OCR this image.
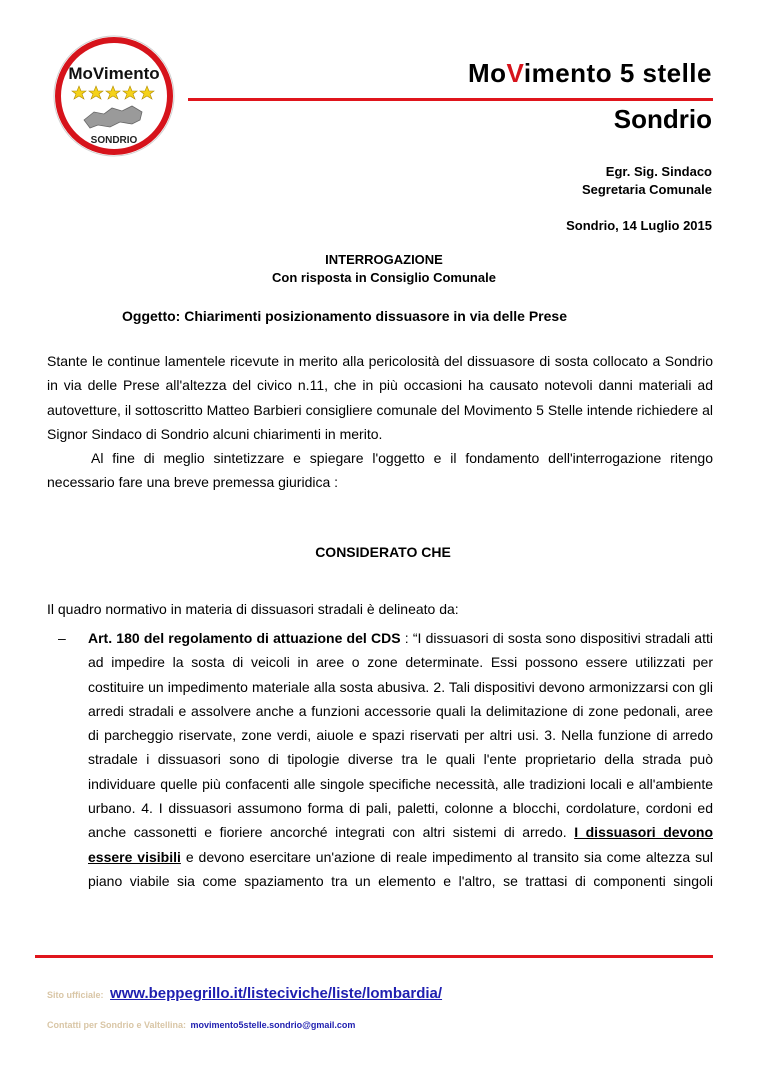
MoVimento
SONDRIO
MoVimento 5 stelle
Sondrio
Egr. Sig. Sindaco
Segretaria Comunale
Sondrio, 14 Luglio 2015
INTERROGAZIONE
Con risposta in Consiglio Comunale
Oggetto: Chiarimenti posizionamento dissuasore in via delle Prese

Stante le continue lamentele ricevute in merito alla pericolosità del dissuasore di sosta collocato a Sondrio in via delle Prese all'altezza del civico n.11, che in più occasioni ha causato notevoli danni materiali ad autovetture, il sottoscritto Matteo Barbieri consigliere comunale del Movimento 5 Stelle intende richiedere al Signor Sindaco di Sondrio alcuni chiarimenti in merito.

Al fine di meglio sintetizzare e spiegare l'oggetto e il fondamento dell'interrogazione ritengo necessario fare una breve premessa giuridica :

CONSIDERATO CHE
Il quadro normativo in materia di dissuasori stradali è delineato da:
– Art. 180 del regolamento di attuazione del CDS : “I dissuasori di sosta sono dispositivi stradali atti ad impedire la sosta di veicoli in aree o zone determinate. Essi possono essere utilizzati per costituire un impedimento materiale alla sosta abusiva. 2. Tali dispositivi devono armonizzarsi con gli arredi stradali e assolvere anche a funzioni accessorie quali la delimitazione di zone pedonali, aree di parcheggio riservate, zone verdi, aiuole e spazi riservati per altri usi. 3. Nella funzione di arredo stradale i dissuasori sono di tipologie diverse tra le quali l'ente proprietario della strada può individuare quelle più confacenti alle singole specifiche necessità, alle tradizioni locali e all'ambiente urbano. 4. I dissuasori assumono forma di pali, paletti, colonne a blocchi, cordolature, cordoni ed anche cassonetti e fioriere ancorché integrati con altri sistemi di arredo. I dissuasori devono essere visibili e devono esercitare un'azione di reale impedimento al transito sia come altezza sul piano viabile sia come spaziamento tra un elemento e l'altro, se trattasi di componenti singoli
Sito ufficiale: www.beppegrillo.it/listeciviche/liste/lombardia/
Contatti per Sondrio e Valtellina: movimento5stelle.sondrio@gmail.com
